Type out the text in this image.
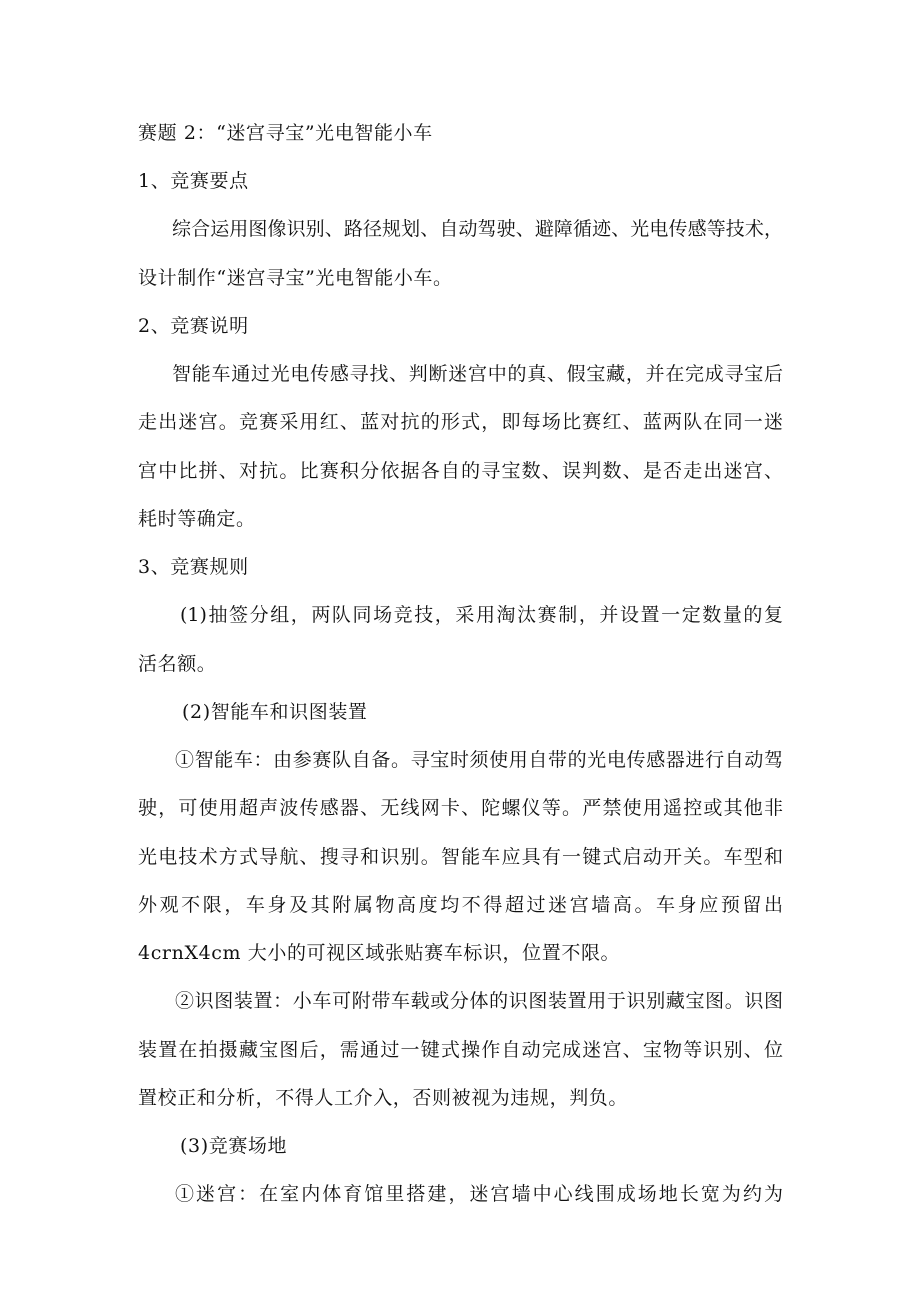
赛题 2：“迷宫寻宝”光电智能小车
1、竞赛要点
综合运用图像识别、路径规划、自动驾驶、避障循迹、光电传感等技术，
设计制作“迷宫寻宝”光电智能小车。
2、竞赛说明
智能车通过光电传感寻找、判断迷宫中的真、假宝藏，并在完成寻宝后
走出迷宫。竞赛采用红、蓝对抗的形式，即每场比赛红、蓝两队在同一迷
宫中比拼、对抗。比赛积分依据各自的寻宝数、误判数、是否走出迷宫、
耗时等确定。
3、竞赛规则
(1)抽签分组，两队同场竞技，采用淘汰赛制，并设置一定数量的复
活名额。
(2)智能车和识图装置
①智能车：由参赛队自备。寻宝时须使用自带的光电传感器进行自动驾
驶，可使用超声波传感器、无线网卡、陀螺仪等。严禁使用遥控或其他非
光电技术方式导航、搜寻和识别。智能车应具有一键式启动开关。车型和
外观不限，车身及其附属物高度均不得超过迷宫墙高。车身应预留出
4crnX4cm 大小的可视区域张贴赛车标识，位置不限。
②识图装置：小车可附带车载或分体的识图装置用于识别藏宝图。识图
装置在拍摄藏宝图后，需通过一键式操作自动完成迷宫、宝物等识别、位
置校正和分析，不得人工介入，否则被视为违规，判负。
(3)竞赛场地
①迷宫：在室内体育馆里搭建，迷宫墙中心线围成场地长宽为约为
